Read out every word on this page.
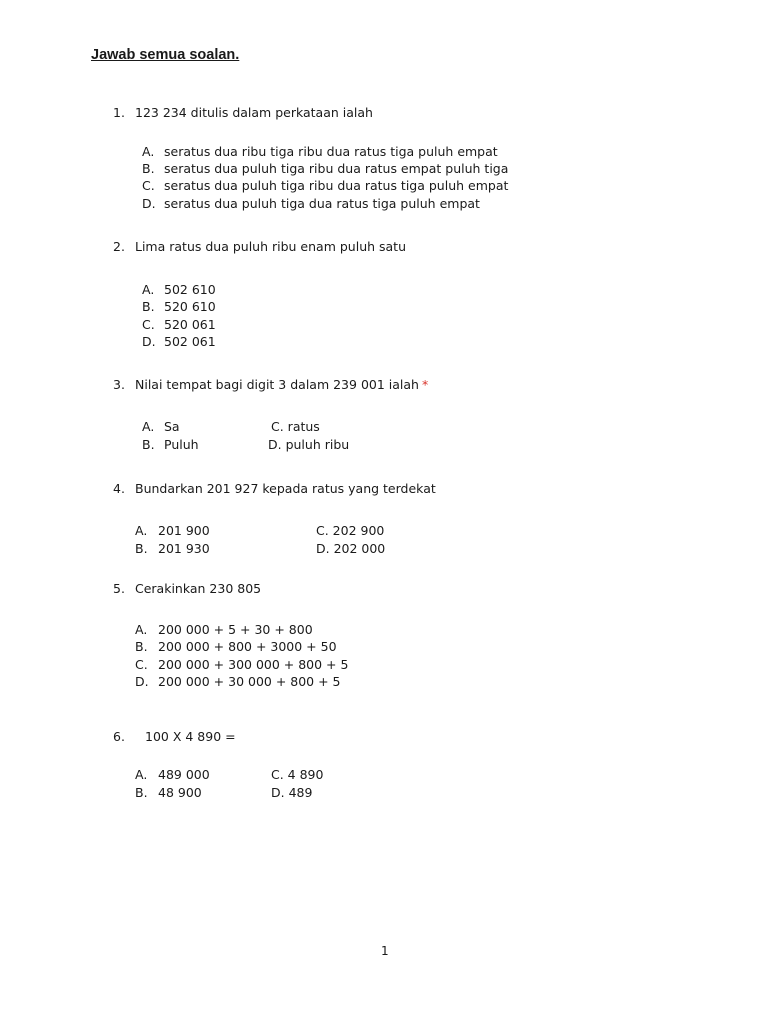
Jawab semua soalan.
1. 123 234 ditulis dalam perkataan ialah
A. seratus dua ribu tiga ribu dua ratus tiga puluh empat
B. seratus dua puluh tiga ribu dua ratus empat puluh tiga
C. seratus dua puluh tiga ribu dua ratus tiga puluh empat
D. seratus dua puluh tiga dua ratus tiga puluh empat
2. Lima ratus dua puluh ribu enam puluh satu
A. 502 610
B. 520 610
C. 520 061
D. 502 061
3. Nilai tempat bagi digit 3 dalam 239 001 ialah *
A. Sa
B. Puluh
C. ratus
D. puluh ribu
4. Bundarkan 201 927 kepada ratus yang terdekat
A. 201 900
B. 201 930
C. 202 900
D. 202 000
5. Cerakinkan 230 805
A. 200 000 + 5 + 30 + 800
B. 200 000 + 800 + 3000 + 50
C. 200 000 + 300 000 + 800 + 5
D. 200 000 + 30 000 + 800 + 5
6. 100 X 4 890 =
A. 489 000
B. 48 900
C. 4 890
D. 489
1
